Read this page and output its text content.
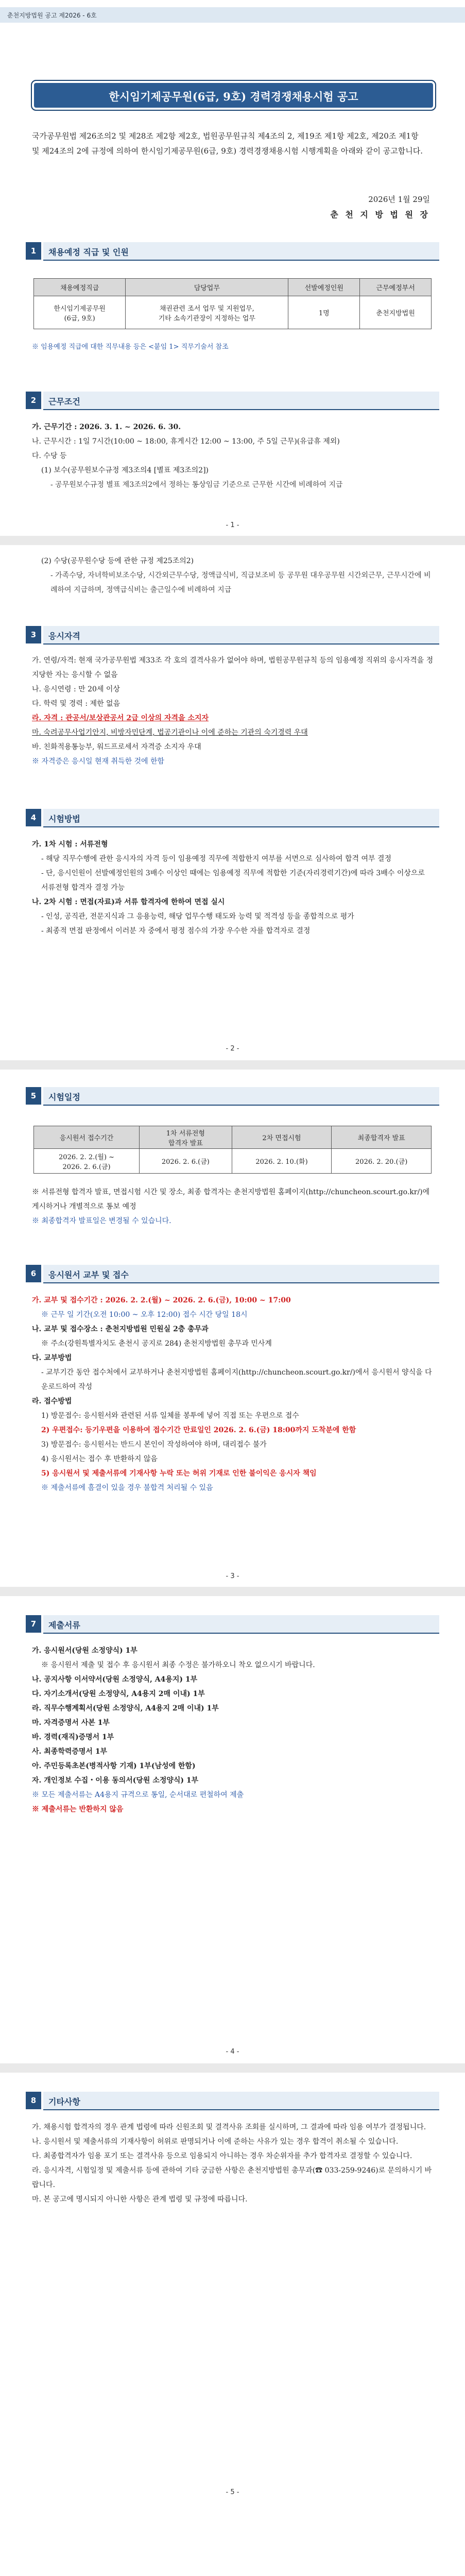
춘천지방법원 공고 제2026 - 6호
한시임기제공무원(6급, 9호) 경력경쟁채용시험 공고
국가공무원법 제26조의2 및 제28조 제2항 제2호, 법원공무원규칙 제4조의 2, 제19조 제1항 제2호, 제20조 제1항 및 제24조의 2에 규정에 의하여 한시임기제공무원(6급, 9호) 경력경쟁채용시험 시행계획을 아래와 같이 공고합니다.
2026년 1월 29일
춘 천 지 방 법 원 장
1	채용예정 직급 및 인원
채용예정직급	담당업무	선발예정인원	근무예정부서
한시임기제공무원
(6급, 9호)	채권관련 조서 업무 및 지원업무,
기타 소속기관장이 지정하는 업무	1명	춘천지방법원
※ 임용예정 직급에 대한 직무내용 등은 <붙임 1> 직무기술서 참조
2	근무조건
가. 근무기간 : 2026. 3. 1. ~ 2026. 6. 30.
나. 근무시간 : 1일 7시간(10:00 ~ 18:00, 휴게시간 12:00 ~ 13:00, 주 5일 근무)(유급휴 제외)
다. 수당 등
(1) 보수(공무원보수규정 제3조의4 [별표 제3조의2])
- 공무원보수규정 별표 제3조의2에서 정하는 통상임금 기준으로 근무한 시간에 비례하여 지급
- 1 -
(2) 수당(공무원수당 등에 관한 규정 제25조의2)
- 가족수당, 자녀학비보조수당, 시간외근무수당, 정액급식비, 직급보조비 등 공무원 대우공무원 시간외근무, 근무시간에 비례하여 지급하며, 정액급식비는 출근일수에 비례하여 지급
3	응시자격
가. 연령/자격: 현재 국가공무원법 제33조 각 호의 결격사유가 없어야 하며, 법원공무원규칙 등의 임용예정 직위의 응시자격을 정지당한 자는 응시할 수 없음
나. 응시연령 : 만 20세 이상
다. 학력 및 경력 : 제한 없음
라. 자격 : 관공서/보상관공서 2급 이상의 자격을 소지자
마. 숙려공무사업기안지, 비방자민단계, 법공기관이나 이에 준하는 기관의 숙기경력 우대
바. 친화적용통능부, 워드프로세서 자격증 소지자 우대
※ 자격증은 응시일 현재 취득한 것에 한함
4	시험방법
가. 1차 시험 : 서류전형
- 해당 직무수행에 관한 응시자의 자격 등이 임용예정 직무에 적합한지 여부를 서면으로 심사하여 합격 여부 결정
- 단, 응시인원이 선발예정인원의 3배수 이상인 때에는 임용예정 직무에 적합한 기준(자리경력기간)에 따라 3배수 이상으로 서류전형 합격자 결정 가능
나. 2차 시험 : 면접(자료)과 서류 합격자에 한하여 면접 실시
- 인성, 공직관, 전문지식과 그 응용능력, 해당 업무수행 태도와 능력 및 적격성 등을 종합적으로 평가
- 최종적 면접 판정에서 이러분 자 중에서 평정 점수의 가장 우수한 자를 합격자로 결정
- 2 -
5	시험일정
응시원서 접수기간	1차 서류전형
합격자 발표	2차 면접시험	최종합격자 발표
2026. 2. 2.(월) ~
2026. 2. 6.(금)	2026. 2. 6.(금)	2026. 2. 10.(화)	2026. 2. 20.(금)
※ 서류전형 합격자 발표, 면접시험 시간 및 장소, 최종 합격자는 춘천지방법원 홈페이지(http://chuncheon.scourt.go.kr/)에 게시하거나 개별적으로 통보 예정
※ 최종합격자 발표일은 변경될 수 있습니다.
6	응시원서 교부 및 접수
가. 교부 및 접수기간 : 2026. 2. 2.(월) ~ 2026. 2. 6.(금), 10:00 ~ 17:00
※ 근무 일 기간(오전 10:00 ~ 오후 12:00) 접수 시간 당일 18시
나. 교부 및 접수장소 : 춘천지방법원 민원실 2층 총무과
※ 주소(강원특별자치도 춘천시 공지로 284) 춘천지방법원 총무과 민사계
다. 교부방법
- 교부기간 동안 접수처에서 교부하거나 춘천지방법원 홈페이지(http://chuncheon.scourt.go.kr/)에서 응시원서 양식을 다운로드하여 작성
라. 접수방법
1) 방문접수: 응시원서와 관련된 서류 일체를 봉투에 넣어 직접 또는 우편으로 접수
2) 우편접수: 등기우편을 이용하여 접수기간 만료일인 2026. 2. 6.(금) 18:00까지 도착분에 한함
3) 방문접수: 응시원서는 반드시 본인이 작성하여야 하며, 대리접수 불가
4) 응시원서는 접수 후 반환하지 않음
5) 응시원서 및 제출서류에 기재사항 누락 또는 허위 기재로 인한 불이익은 응시자 책임
※ 제출서류에 흠결이 있을 경우 불합격 처리될 수 있음
- 3 -
7	제출서류
가. 응시원서(당원 소정양식) 1부
※ 응시원서 제출 및 접수 후 응시원서 최종 수정은 불가하오니 착오 없으시기 바랍니다.
나. 공지사항 이서약서(당원 소정양식, A4용지) 1부
다. 자기소개서(당원 소정양식, A4용지 2매 이내) 1부
라. 직무수행계획서(당원 소정양식, A4용지 2매 이내) 1부
마. 자격증명서 사본 1부
바. 경력(재직)증명서 1부
사. 최종학력증명서 1부
아. 주민등록초본(병적사항 기재) 1부(남성에 한함)
자. 개인정보 수집・이용 동의서(당원 소정양식) 1부
※ 모든 제출서류는 A4용지 규격으로 통일, 순서대로 편철하여 제출
※ 제출서류는 반환하지 않음
- 4 -
8	기타사항
가. 채용시험 합격자의 경우 관계 법령에 따라 신원조회 및 결격사유 조회를 실시하며, 그 결과에 따라 임용 여부가 결정됩니다.
나. 응시원서 및 제출서류의 기재사항이 허위로 판명되거나 이에 준하는 사유가 있는 경우 합격이 취소될 수 있습니다.
다. 최종합격자가 임용 포기 또는 결격사유 등으로 임용되지 아니하는 경우 차순위자를 추가 합격자로 결정할 수 있습니다.
라. 응시자격, 시험일정 및 제출서류 등에 관하여 기타 궁금한 사항은 춘천지방법원 총무과(☎ 033-259-9246)로 문의하시기 바랍니다.
마. 본 공고에 명시되지 아니한 사항은 관계 법령 및 규정에 따릅니다.
- 5 -
